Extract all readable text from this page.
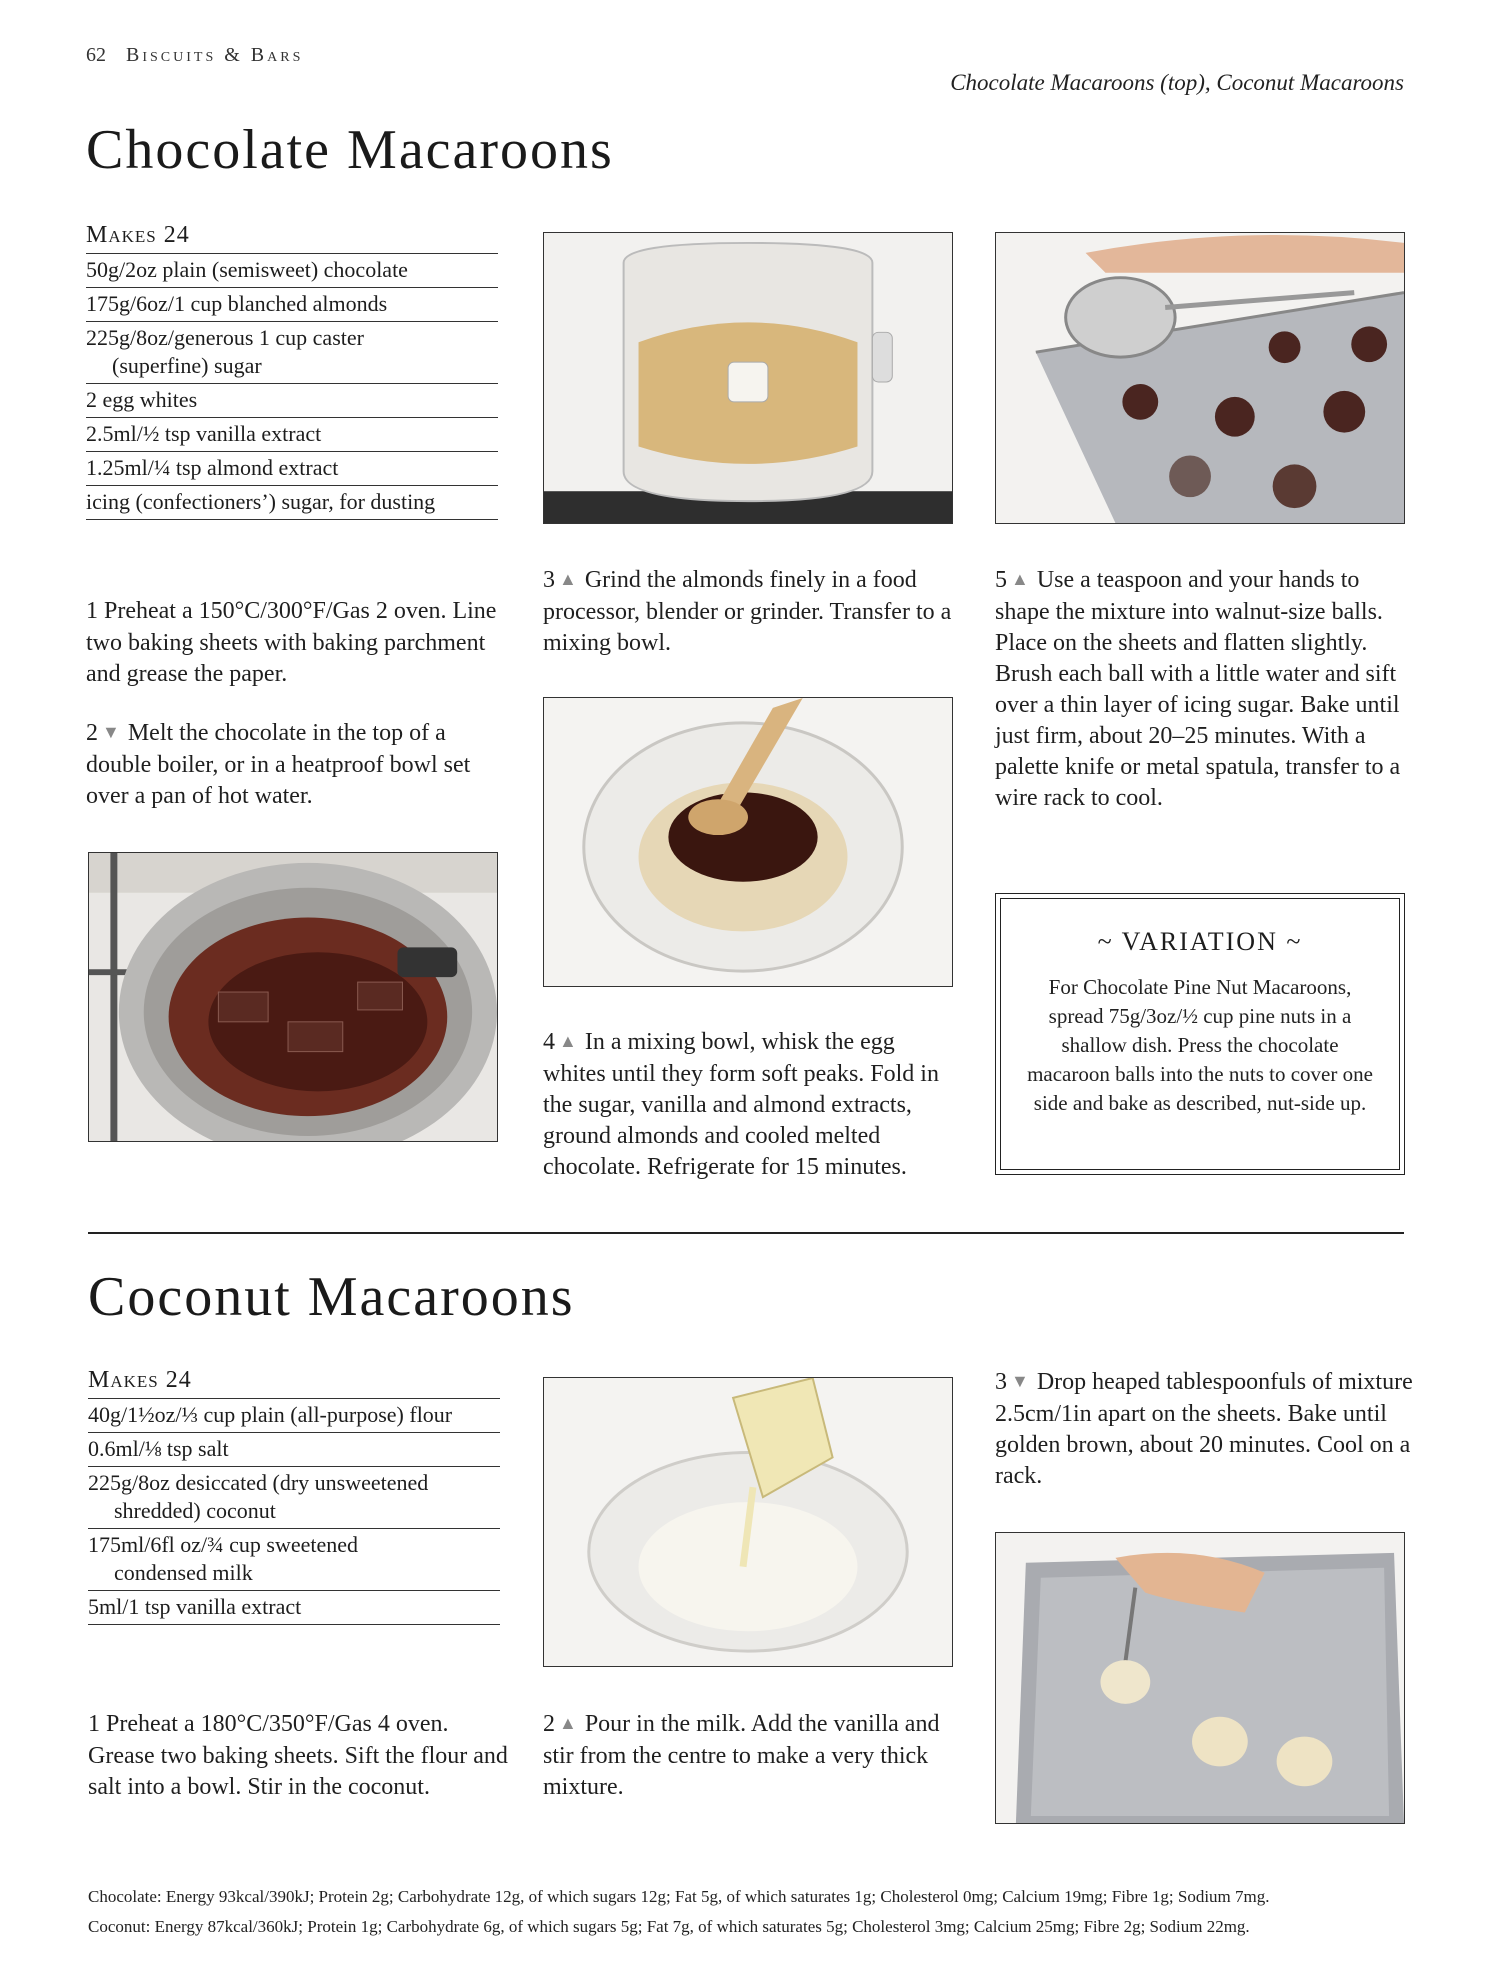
62 Biscuits & Bars
Chocolate Macaroons (top), Coconut Macaroons
Chocolate Macaroons
Makes 24
50g/2oz plain (semisweet) chocolate
175g/6oz/1 cup blanched almonds
225g/8oz/generous 1 cup caster
(superfine) sugar
2 egg whites
2.5ml/½ tsp vanilla extract
1.25ml/¼ tsp almond extract
icing (confectioners’) sugar, for dusting

1 Preheat a 150°C/300°F/Gas 2 oven. Line two baking sheets with baking parchment and grease the paper.

2 ▼ Melt the chocolate in the top of a double boiler, or in a heatproof bowl set over a pan of hot water.

3 ▲ Grind the almonds finely in a food processor, blender or grinder. Transfer to a mixing bowl.

4 ▲ In a mixing bowl, whisk the egg whites until they form soft peaks. Fold in the sugar, vanilla and almond extracts, ground almonds and cooled melted chocolate. Refrigerate for 15 minutes.

5 ▲ Use a teaspoon and your hands to shape the mixture into walnut-size balls. Place on the sheets and flatten slightly. Brush each ball with a little water and sift over a thin layer of icing sugar. Bake until just firm, about 20–25 minutes. With a palette knife or metal spatula, transfer to a wire rack to cool.

~ VARIATION ~
For Chocolate Pine Nut Macaroons, spread 75g/3oz/½ cup pine nuts in a shallow dish. Press the chocolate macaroon balls into the nuts to cover one side and bake as described, nut-side up.
Coconut Macaroons
Makes 24
40g/1½oz/⅓ cup plain (all-purpose) flour
0.6ml/⅛ tsp salt
225g/8oz desiccated (dry unsweetened
shredded) coconut
175ml/6fl oz/¾ cup sweetened
condensed milk
5ml/1 tsp vanilla extract

1 Preheat a 180°C/350°F/Gas 4 oven. Grease two baking sheets. Sift the flour and salt into a bowl. Stir in the coconut.

2 ▲ Pour in the milk. Add the vanilla and stir from the centre to make a very thick mixture.

3 ▼ Drop heaped tablespoonfuls of mixture 2.5cm/1in apart on the sheets. Bake until golden brown, about 20 minutes. Cool on a rack.

Chocolate: Energy 93kcal/390kJ; Protein 2g; Carbohydrate 12g, of which sugars 12g; Fat 5g, of which saturates 1g; Cholesterol 0mg; Calcium 19mg; Fibre 1g; Sodium 7mg.

Coconut: Energy 87kcal/360kJ; Protein 1g; Carbohydrate 6g, of which sugars 5g; Fat 7g, of which saturates 5g; Cholesterol 3mg; Calcium 25mg; Fibre 2g; Sodium 22mg.
